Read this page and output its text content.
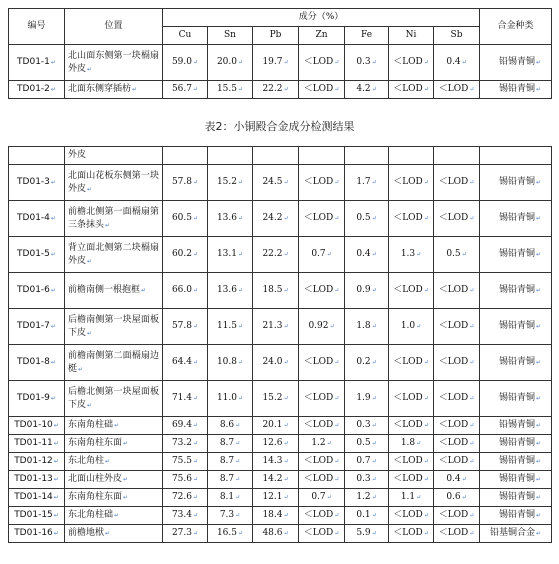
编号	位置	成分（%）							合金种类
		Cu	Sn	Pb	Zn	Fe	Ni	Sb	
TD01-1↵	北山面东侧第一块槅扇外皮↵	59.0↵	20.0↵	19.7↵	＜LOD↵	0.3↵	＜LOD↵	0.4↵	铅锡青铜↵
TD01-2↵	北面东侧穿插枋↵	56.7↵	15.5↵	22.2↵	＜LOD↵	4.2↵	＜LOD↵	＜LOD↵	锡铅青铜↵
表2：小铜殿合金成分检测结果
	外皮								
TD01-3↵	北面山花板东侧第一块外皮↵	57.8↵	15.2↵	24.5↵	＜LOD↵	1.7↵	＜LOD↵	＜LOD↵	锡铅青铜↵
TD01-4↵	前檐北侧第一面槅扇第三条抹头↵	60.5↵	13.6↵	24.2↵	＜LOD↵	0.5↵	＜LOD↵	＜LOD↵	锡铅青铜↵
TD01-5↵	背立面北侧第二块槅扇外皮↵	60.2↵	13.1↵	22.2↵	0.7↵	0.4↵	1.3↵	0.5↵	锡铅青铜↵
TD01-6↵	前檐南侧一根抱框↵	66.0↵	13.6↵	18.5↵	＜LOD↵	0.9↵	＜LOD↵	＜LOD↵	锡铅青铜↵
TD01-7↵	后檐南侧第一块屋面板下皮↵	57.8↵	11.5↵	21.3↵	0.92↵	1.8↵	1.0↵	＜LOD↵	锡铅青铜↵
TD01-8↵	前檐南侧第二面槅扇边梃↵	64.4↵	10.8↵	24.0↵	＜LOD↵	0.2↵	＜LOD↵	＜LOD↵	锡铅青铜↵
TD01-9↵	后檐北侧第一块屋面板下皮↵	71.4↵	11.0↵	15.2↵	＜LOD↵	1.9↵	＜LOD↵	＜LOD↵	锡铅青铜↵
TD01-10↵	东南角柱础↵	69.4↵	8.6↵	20.1↵	＜LOD↵	0.3↵	＜LOD↵	＜LOD↵	铅锡青铜↵
TD01-11↵	东南角柱东面↵	73.2↵	8.7↵	12.6↵	1.2↵	0.5↵	1.8↵	＜LOD↵	锡铅青铜↵
TD01-12↵	东北角柱↵	75.5↵	8.7↵	14.3↵	＜LOD↵	0.7↵	＜LOD↵	＜LOD↵	锡铅青铜↵
TD01-13↵	北面山柱外皮↵	75.6↵	8.7↵	14.2↵	＜LOD↵	0.3↵	＜LOD↵	0.4↵	锡铅青铜↵
TD01-14↵	东南角柱东面↵	72.6↵	8.1↵	12.1↵	0.7↵	1.2↵	1.1↵	0.6↵	锡铅青铜↵
TD01-15↵	东北角柱础↵	73.4↵	7.3↵	18.4↵	＜LOD↵	0.1↵	＜LOD↵	＜LOD↵	锡铅青铜↵
TD01-16↵	前檐地栿↵	27.3↵	16.5↵	48.6↵	＜LOD↵	5.9↵	＜LOD↵	＜LOD↵	铅基铜合金↵
